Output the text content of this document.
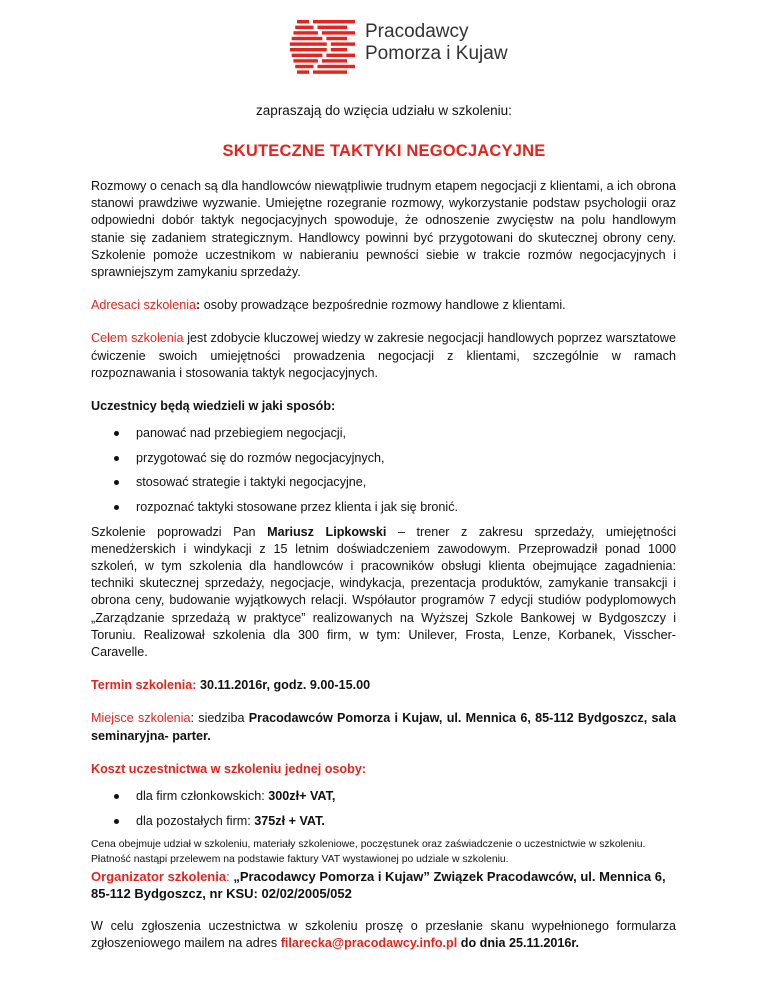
Pracodawcy
Pomorza i Kujaw
zapraszają do wzięcia udziału w szkoleniu:
SKUTECZNE TAKTYKI NEGOCJACYJNE

Rozmowy o cenach są dla handlowców niewątpliwie trudnym etapem negocjacji z klientami, a ich obrona stanowi prawdziwe wyzwanie. Umiejętne rozegranie rozmowy, wykorzystanie podstaw psychologii oraz odpowiedni dobór taktyk negocjacyjnych spowoduje, że odnoszenie zwycięstw na polu handlowym stanie się zadaniem strategicznym. Handlowcy powinni być przygotowani do skutecznej obrony ceny. Szkolenie pomoże uczestnikom w nabieraniu pewności siebie w trakcie rozmów negocjacyjnych i sprawniejszym zamykaniu sprzedaży.

Adresaci szkolenia: osoby prowadzące bezpośrednie rozmowy handlowe z klientami.

Celem szkolenia jest zdobycie kluczowej wiedzy w zakresie negocjacji handlowych poprzez warsztatowe ćwiczenie swoich umiejętności prowadzenia negocjacji z klientami, szczególnie w ramach rozpoznawania i stosowania taktyk negocjacyjnych.

Uczestnicy będą wiedzieli w jaki sposób:

panować nad przebiegiem negocjacji,
przygotować się do rozmów negocjacyjnych,
stosować strategie i taktyki negocjacyjne,
rozpoznać taktyki stosowane przez klienta i jak się bronić.

Szkolenie poprowadzi Pan Mariusz Lipkowski – trener z zakresu sprzedaży, umiejętności menedżerskich i windykacji z 15 letnim doświadczeniem zawodowym. Przeprowadził ponad 1000 szkoleń, w tym szkolenia dla handlowców i pracowników obsługi klienta obejmujące zagadnienia: techniki skutecznej sprzedaży, negocjacje, windykacja, prezentacja produktów, zamykanie transakcji i obrona ceny, budowanie wyjątkowych relacji. Współautor programów 7 edycji studiów podyplomowych „Zarządzanie sprzedażą w praktyce” realizowanych na Wyższej Szkole Bankowej w Bydgoszczy i Toruniu. Realizował szkolenia dla 300 firm, w tym: Unilever, Frosta, Lenze, Korbanek, Visscher-Caravelle.

Termin szkolenia: 30.11.2016r, godz. 9.00-15.00

Miejsce szkolenia: siedziba Pracodawców Pomorza i Kujaw, ul. Mennica 6, 85-112 Bydgoszcz, sala seminaryjna- parter.

Koszt uczestnictwa w szkoleniu jednej osoby:

dla firm członkowskich: 300zł+ VAT,
dla pozostałych firm: 375zł + VAT.

Cena obejmuje udział w szkoleniu, materiały szkoleniowe, poczęstunek oraz zaświadczenie o uczestnictwie w szkoleniu. Płatność nastąpi przelewem na podstawie faktury VAT wystawionej po udziale w szkoleniu.

Organizator szkolenia: „Pracodawcy Pomorza i Kujaw” Związek Pracodawców, ul. Mennica 6, 85-112 Bydgoszcz, nr KSU: 02/02/2005/052

W celu zgłoszenia uczestnictwa w szkoleniu proszę o przesłanie skanu wypełnionego formularza zgłoszeniowego mailem na adres filarecka@pracodawcy.info.pl do dnia 25.11.2016r.
